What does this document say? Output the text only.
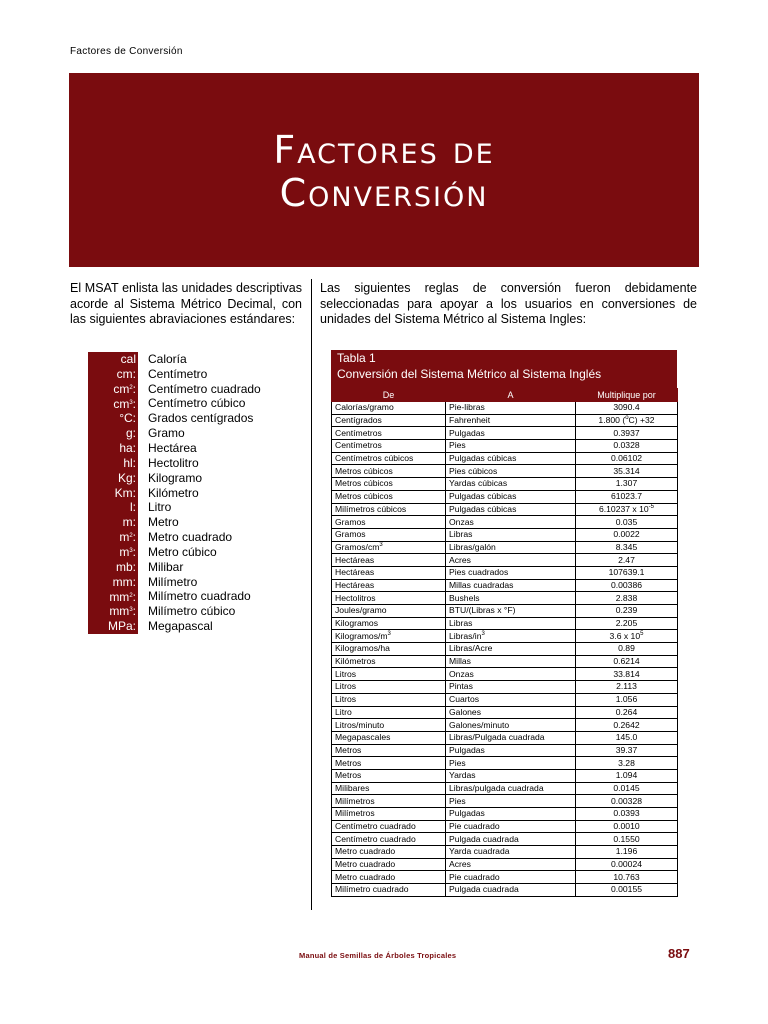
Factores de Conversión
Factores de
Conversión
El MSAT enlista las unidades descriptivas acorde al Sistema Métrico Decimal, con las siguientes abraviaciones estándares:
cal Caloría
cm: Centímetro
$cm^2$: Centímetro cuadrado
$cm^3$: Centímetro cúbico
°C: Grados centígrados
g: Gramo
ha: Hectárea
hl: Hectolitro
Kg: Kilogramo
Km: Kilómetro
l: Litro
m: Metro
$m^2$: Metro cuadrado
$m^3$: Metro cúbico
mb: Milibar
mm: Milímetro
$mm^2$: Milímetro cuadrado
$mm^3$: Milímetro cúbico
MPa: Megapascal
Las siguientes reglas de conversión fueron debidamente seleccionadas para apoyar a los usuarios en conversiones de unidades del Sistema Métrico al Sistema Ingles:
Tabla 1
Conversión del Sistema Métrico al Sistema Inglés
De	A	Multiplique por
Calorías/gramo	Pie-libras	3090.4
Centígrados	Fahrenheit	1.800 ($^o$C) +32
Centímetros	Pulgadas	0.3937
Centímetros	Pies	0.0328
Centímetros cúbicos	Pulgadas cúbicas	0.06102
Metros cúbicos	Pies cúbicos	35.314
Metros cúbicos	Yardas cúbicas	1.307
Metros cúbicos	Pulgadas cúbicas	61023.7
Milímetros cúbicos	Pulgadas cúbicas	6.10237 x $10^{-5}$
Gramos	Onzas	0.035
Gramos	Libras	0.0022
Gramos/$cm^3$	Libras/galón	8.345
Hectáreas	Acres	2.47
Hectáreas	Pies cuadrados	107639.1
Hectáreas	Millas cuadradas	0.00386
Hectolitros	Bushels	2.838
Joules/gramo	BTU/(Libras x °F)	0.239
Kilogramos	Libras	2.205
Kilogramos/$m^3$	Libras/$in^3$	3.6 x $10^5$
Kilogramos/ha	Libras/Acre	0.89
Kilómetros	Millas	0.6214
Litros	Onzas	33.814
Litros	Pintas	2.113
Litros	Cuartos	1.056
Litro	Galones	0.264
Litros/minuto	Galones/minuto	0.2642
Megapascales	Libras/Pulgada cuadrada	145.0
Metros	Pulgadas	39.37
Metros	Pies	3.28
Metros	Yardas	1.094
Milibares	Libras/pulgada cuadrada	0.0145
Milímetros	Pies	0.00328
Milímetros	Pulgadas	0.0393
Centímetro cuadrado	Pie cuadrado	0.0010
Centímetro cuadrado	Pulgada cuadrada	0.1550
Metro cuadrado	Yarda cuadrada	1.196
Metro cuadrado	Acres	0.00024
Metro cuadrado	Pie cuadrado	10.763
Milímetro cuadrado	Pulgada cuadrada	0.00155
Manual de Semillas de Árboles Tropicales	887
